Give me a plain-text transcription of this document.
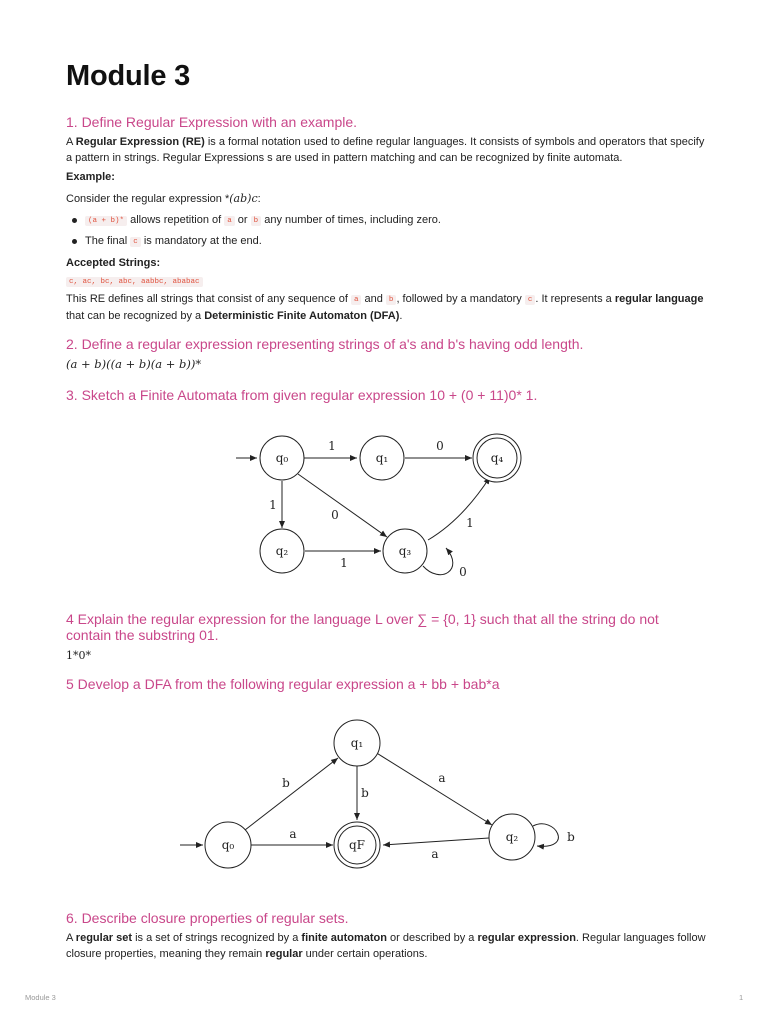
Module 3
1. Define Regular Expression with an example.
A Regular Expression (RE) is a formal notation used to define regular languages. It consists of symbols and operators that specify a pattern in strings. Regular Expressions s are used in pattern matching and can be recognized by finite automata.
Example:
Consider the regular expression *(ab)c:
(a + b)* allows repetition of a or b any number of times, including zero.
The final c is mandatory at the end.
Accepted Strings:
c, ac, bc, abc, aabbc, ababac
This RE defines all strings that consist of any sequence of a and b , followed by a mandatory c . It represents a regular language that can be recognized by a Deterministic Finite Automaton (DFA).
2. Define a regular expression representing strings of a's and b's having odd length.
(a + b)((a + b)(a + b))*
3. Sketch a Finite Automata from given regular expression 10 + (0 + 11)0* 1.
q₀	q₁	q₄
q₂	q₃
1	0
1
0
1
1
0
q₀
q₁
qF
q₂
b
a
b
a
a
b
4 Explain the regular expression for the language L over ∑ = {0, 1} such that all the string do not
contain the substring 01.
1*0*
5 Develop a DFA from the following regular expression a + bb + bab*a
6. Describe closure properties of regular sets.
A regular set is a set of strings recognized by a finite automaton or described by a regular expression. Regular languages follow closure properties, meaning they remain regular under certain operations.
Module 3	1
